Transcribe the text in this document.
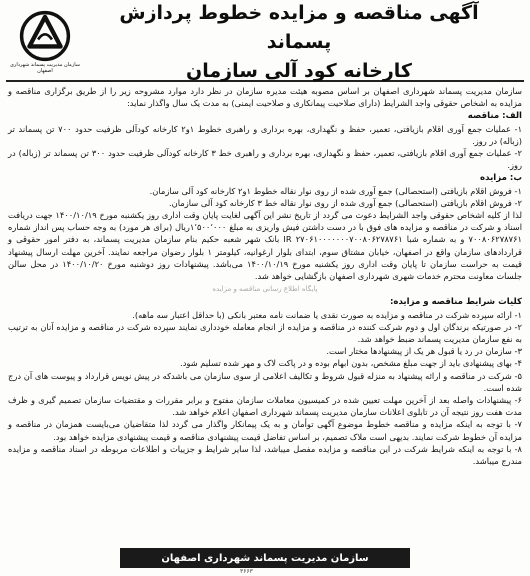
آگهی مناقصه و مزایده خطوط پردازش پسماند
کارخانه کود آلی سازمان
سازمان مدیریت پسماند شهرداری اصفهان

سازمان مدیریت پسماند شهرداری اصفهان بر اساس مصوبه هیئت مدیره سازمان در نظر دارد موارد مشروحه زیر را از طریق برگزاری مناقصه و مزایده به اشخاص حقوقی واجد الشرایط (دارای صلاحیت پیمانکاری و صلاحیت ایمنی) به مدت یک سال واگذار نماید:

الف: مناقصه

۱- عملیات جمع آوری اقلام بازیافتی، تعمیر، حفظ و نگهداری، بهره برداری و راهبری خطوط ۱و۲ کارخانه کودآلی ظرفیت حدود ۷۰۰ تن پسماند تر (زباله) در روز.

۲- عملیات جمع آوری اقلام بازیافتی، تعمیر، حفظ و نگهداری، بهره برداری و راهبری خط ۳ کارخانه کودآلی ظرفیت حدود ۳۰۰ تن پسماند تر (زباله) در روز.

ب: مزایده

۱- فروش اقلام بازیافتی (استحصالی) جمع آوری شده از روی نوار نقاله خطوط ۱و۲ کارخانه کود آلی سازمان.

۲- فروش اقلام بازیافتی (استحصالی) جمع آوری شده از روی نوار نقاله خط ۳ کارخانه کود آلی سازمان.

لذا از کلیه اشخاص حقوقی واجد الشرایط دعوت می گردد از تاریخ نشر این آگهی لغایت پایان وقت اداری روز یکشنبه مورخ ۱۴۰۰/۱۰/۱۹ جهت دریافت اسناد و شرکت در مناقصه و مزایده های فوق با در دست داشتن فیش واریزی به مبلغ ۱٬۵۰۰٬۰۰۰ریال (برای هر مورد) به وجه حساب پس انداز شماره ۷۰۰۸۰۶۲۷۸۷۶۱ و به شماره شبا IR ۲۷۰۶۱۰۰۰۰۰۰۰۷۰۰۸۰۶۲۷۸۷۶۱ بانک شهر شعبه حکیم بنام سازمان مدیریت پسماند، به دفتر امور حقوقی و قراردادهای سازمان واقع در اصفهان، خیابان مشتاق سوم، ابتدای بلوار ارغوانیه، کیلومتر ۱ بلوار رضوان مراجعه نمایند. آخرین مهلت ارسال پیشنهاد قیمت به حراست سازمان تا پایان وقت اداری روز یکشنبه مورخ ۱۴۰۰/۱۰/۱۹ می‌باشد. پیشنهادات روز دوشنبه مورخ ۱۴۰۰/۱۰/۲۰ در محل سالن جلسات معاونت محترم خدمات شهری شهرداری اصفهان بازگشایی خواهد شد.

پایگاه اطلاع رسانی مناقصه و مزایده
کلیات شرایط مناقصه و مزایده:

۱- ارائه سپرده شرکت در مناقصه و مزایده به صورت نقدی یا ضمانت نامه معتبر بانکی (با حداقل اعتبار سه ماهه).

۲- در صورتیکه برندگان اول و دوم شرکت کننده در مناقصه و مزایده از انجام معامله خودداری نمایند سپرده شرکت در مناقصه و مزایده آنان به ترتیب به نفع سازمان مدیریت پسماند ضبط خواهد شد.

۳- سازمان در رد یا قبول هر یک از پیشنهادها مختار است.

۴- بهای پیشنهادی باید از جهت مبلغ مشخص، بدون ابهام بوده و در پاکت لاک و مهر شده تسلیم شود.

۵- شرکت در مناقصه و ارائه پیشنهاد به منزله قبول شروط و تکالیف اعلامی از سوی سازمان می باشدکه در پیش نویس قرارداد و پیوست های آن درج شده است.

۶- پیشنهادات واصله بعد از آخرین مهلت تعیین شده در کمیسیون معاملات سازمان مفتوح و برابر مقررات و مقتضیات سازمان تصمیم گیری و ظرف مدت هفت روز نتیجه آن در تابلوی اعلانات سازمان مدیریت پسماند شهرداری اصفهان اعلام خواهد شد.

۷- با توجه به اینکه مزایده و مناقصه خطوط موضوع آگهی توأمان و به یک پیمانکار واگذار می گردد لذا متقاضیان می‌بایست همزمان در مناقصه و مزایده آن خطوط شرکت نمایند. بدیهی است ملاک تصمیم، بر اساس تفاضل قیمت پیشنهادی مناقصه و قیمت پیشنهادی مزایده خواهد بود.

۸- با توجه به اینکه شرایط شرکت در این مناقصه و مزایده مفصل میباشد، لذا سایر شرایط و جزییات و اطلاعات مربوطه در اسناد مناقصه و مزایده مندرج میباشد.

سازمان مدیریت پسماند شهرداری اصفهان
۳۶۶۳
